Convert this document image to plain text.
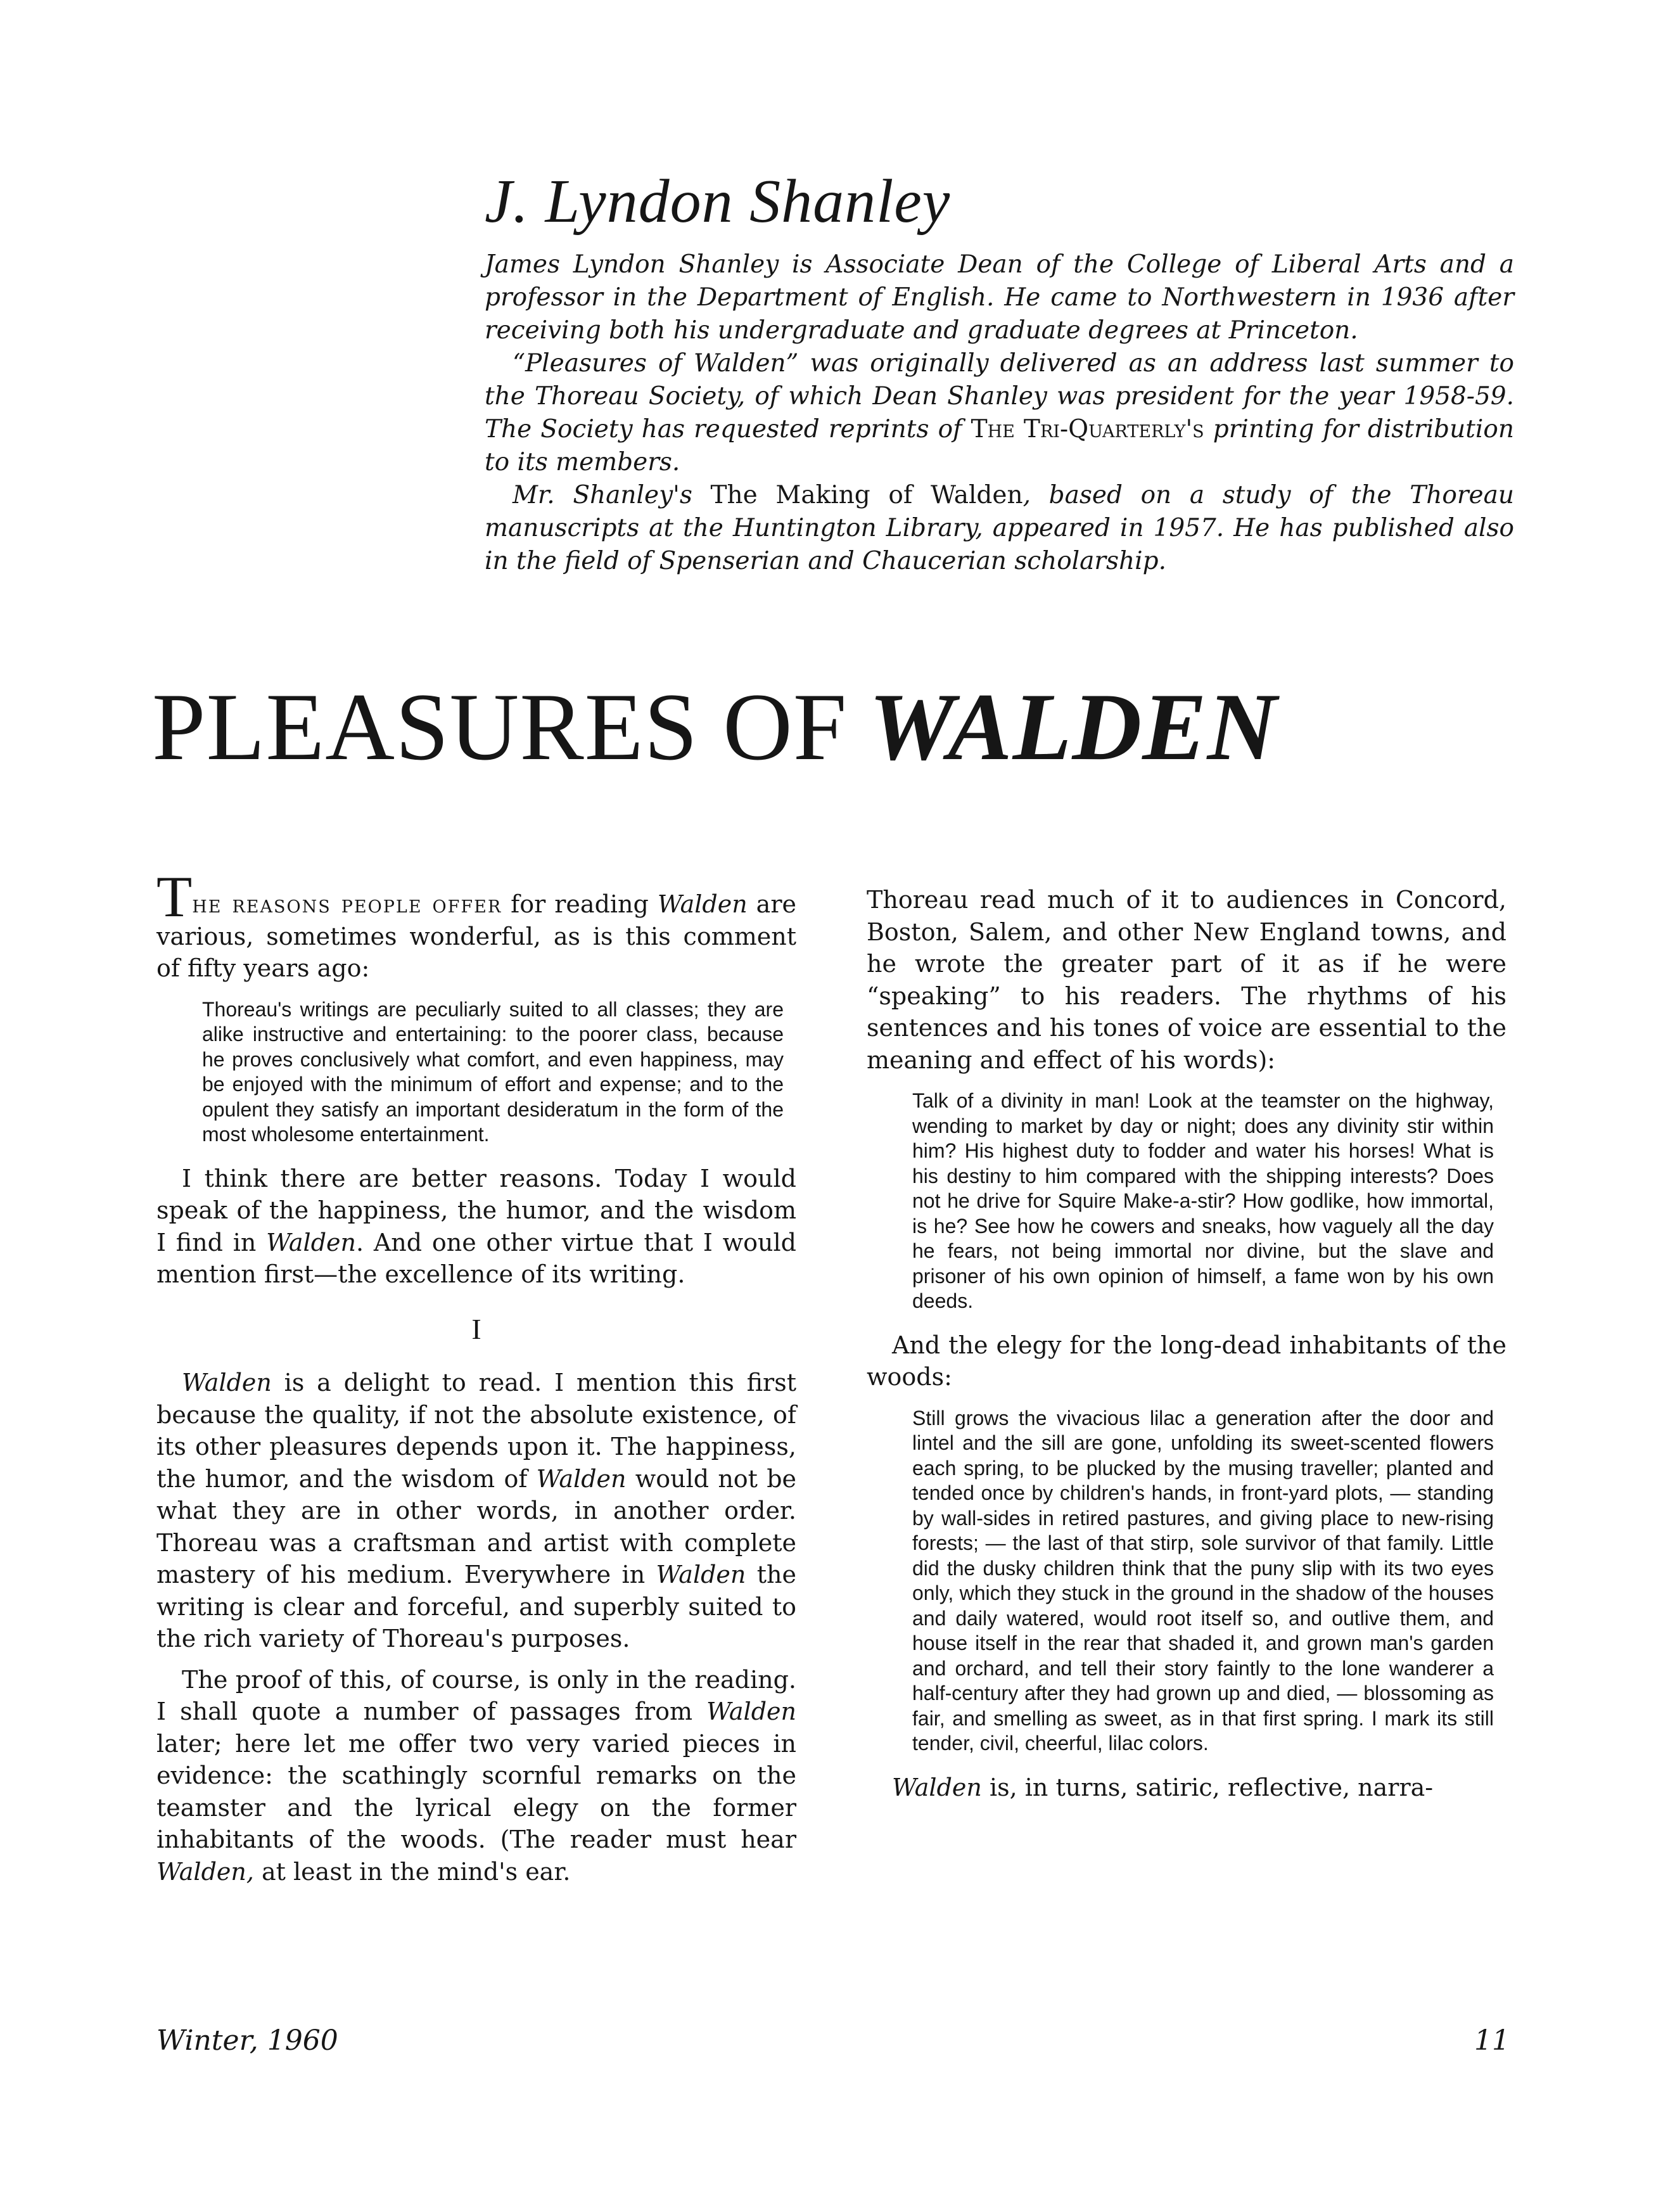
J. Lyndon Shanley

James Lyndon Shanley is Associate Dean of the College of Liberal Arts and a professor in the Department of English. He came to Northwestern in 1936 after receiving both his undergraduate and graduate degrees at Princeton.

“Pleasures of Walden” was originally delivered as an address last summer to the Thoreau Society, of which Dean Shanley was president for the year 1958-59. The Society has requested reprints of The Tri-Quarterly's printing for distribution to its members.

Mr. Shanley's The Making of Walden, based on a study of the Thoreau manuscripts at the Huntington Library, appeared in 1957. He has published also in the field of Spenserian and Chaucerian scholarship.

PLEASURES OF WALDEN

The reasons people offer for reading Walden are various, sometimes wonderful, as is this comment of fifty years ago:

Thoreau's writings are peculiarly suited to all classes; they are alike instructive and entertaining: to the poorer class, because he proves conclusively what comfort, and even happiness, may be enjoyed with the minimum of effort and expense; and to the opulent they satisfy an important desideratum in the form of the most wholesome entertainment.

I think there are better reasons. Today I would speak of the happiness, the humor, and the wisdom I find in Walden. And one other virtue that I would mention first—the excellence of its writing.

I

Walden is a delight to read. I mention this first because the quality, if not the absolute existence, of its other pleasures depends upon it. The happiness, the humor, and the wisdom of Walden would not be what they are in other words, in another order. Thoreau was a craftsman and artist with complete mastery of his medium. Everywhere in Walden the writing is clear and forceful, and superbly suited to the rich variety of Thoreau's purposes.

The proof of this, of course, is only in the reading. I shall quote a number of passages from Walden later; here let me offer two very varied pieces in evidence: the scathingly scornful remarks on the teamster and the lyrical elegy on the former inhabitants of the woods. (The reader must hear Walden, at least in the mind's ear.

Thoreau read much of it to audiences in Concord, Boston, Salem, and other New England towns, and he wrote the greater part of it as if he were “speaking” to his readers. The rhythms of his sentences and his tones of voice are essential to the meaning and effect of his words):

Talk of a divinity in man! Look at the teamster on the highway, wending to market by day or night; does any divinity stir within him? His highest duty to fodder and water his horses! What is his destiny to him compared with the shipping interests? Does not he drive for Squire Make-a-stir? How godlike, how immortal, is he? See how he cowers and sneaks, how vaguely all the day he fears, not being immortal nor divine, but the slave and prisoner of his own opinion of himself, a fame won by his own deeds.

And the elegy for the long-dead inhabitants of the woods:

Still grows the vivacious lilac a generation after the door and lintel and the sill are gone, unfolding its sweet-scented flowers each spring, to be plucked by the musing traveller; planted and tended once by children's hands, in front-yard plots, — standing by wall-sides in retired pastures, and giving place to new-rising forests; — the last of that stirp, sole survivor of that family. Little did the dusky children think that the puny slip with its two eyes only, which they stuck in the ground in the shadow of the houses and daily watered, would root itself so, and outlive them, and house itself in the rear that shaded it, and grown man's garden and orchard, and tell their story faintly to the lone wanderer a half-century after they had grown up and died, — blossoming as fair, and smelling as sweet, as in that first spring. I mark its still tender, civil, cheerful, lilac colors.

Walden is, in turns, satiric, reflective, narra-

Winter, 1960	11
